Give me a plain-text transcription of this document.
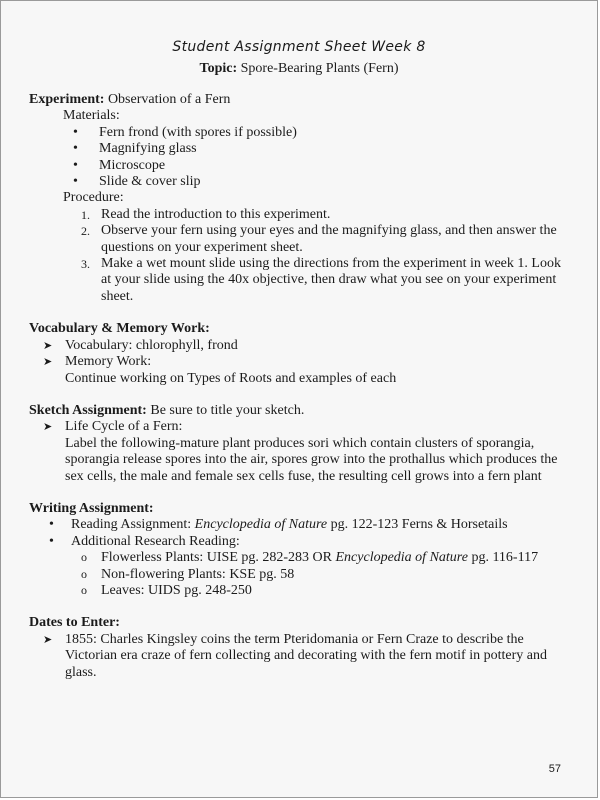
Student Assignment Sheet Week 8
Topic: Spore-Bearing Plants (Fern)
Experiment: Observation of a Fern
Materials:
• Fern frond (with spores if possible)
• Magnifying glass
• Microscope
• Slide & cover slip
Procedure:
1. Read the introduction to this experiment.
2. Observe your fern using your eyes and the magnifying glass, and then answer the questions on your experiment sheet.
3. Make a wet mount slide using the directions from the experiment in week 1. Look at your slide using the 40x objective, then draw what you see on your experiment sheet.
Vocabulary & Memory Work:
➤ Vocabulary: chlorophyll, frond
➤ Memory Work:
Continue working on Types of Roots and examples of each
Sketch Assignment: Be sure to title your sketch.
➤ Life Cycle of a Fern:
Label the following-mature plant produces sori which contain clusters of sporangia, sporangia release spores into the air, spores grow into the prothallus which produces the sex cells, the male and female sex cells fuse, the resulting cell grows into a fern plant
Writing Assignment:
• Reading Assignment: Encyclopedia of Nature pg. 122-123 Ferns & Horsetails
• Additional Research Reading:
o Flowerless Plants: UISE pg. 282-283 OR Encyclopedia of Nature pg. 116-117
o Non-flowering Plants: KSE pg. 58
o Leaves: UIDS pg. 248-250
Dates to Enter:
➤ 1855: Charles Kingsley coins the term Pteridomania or Fern Craze to describe the Victorian era craze of fern collecting and decorating with the fern motif in pottery and glass.
57
